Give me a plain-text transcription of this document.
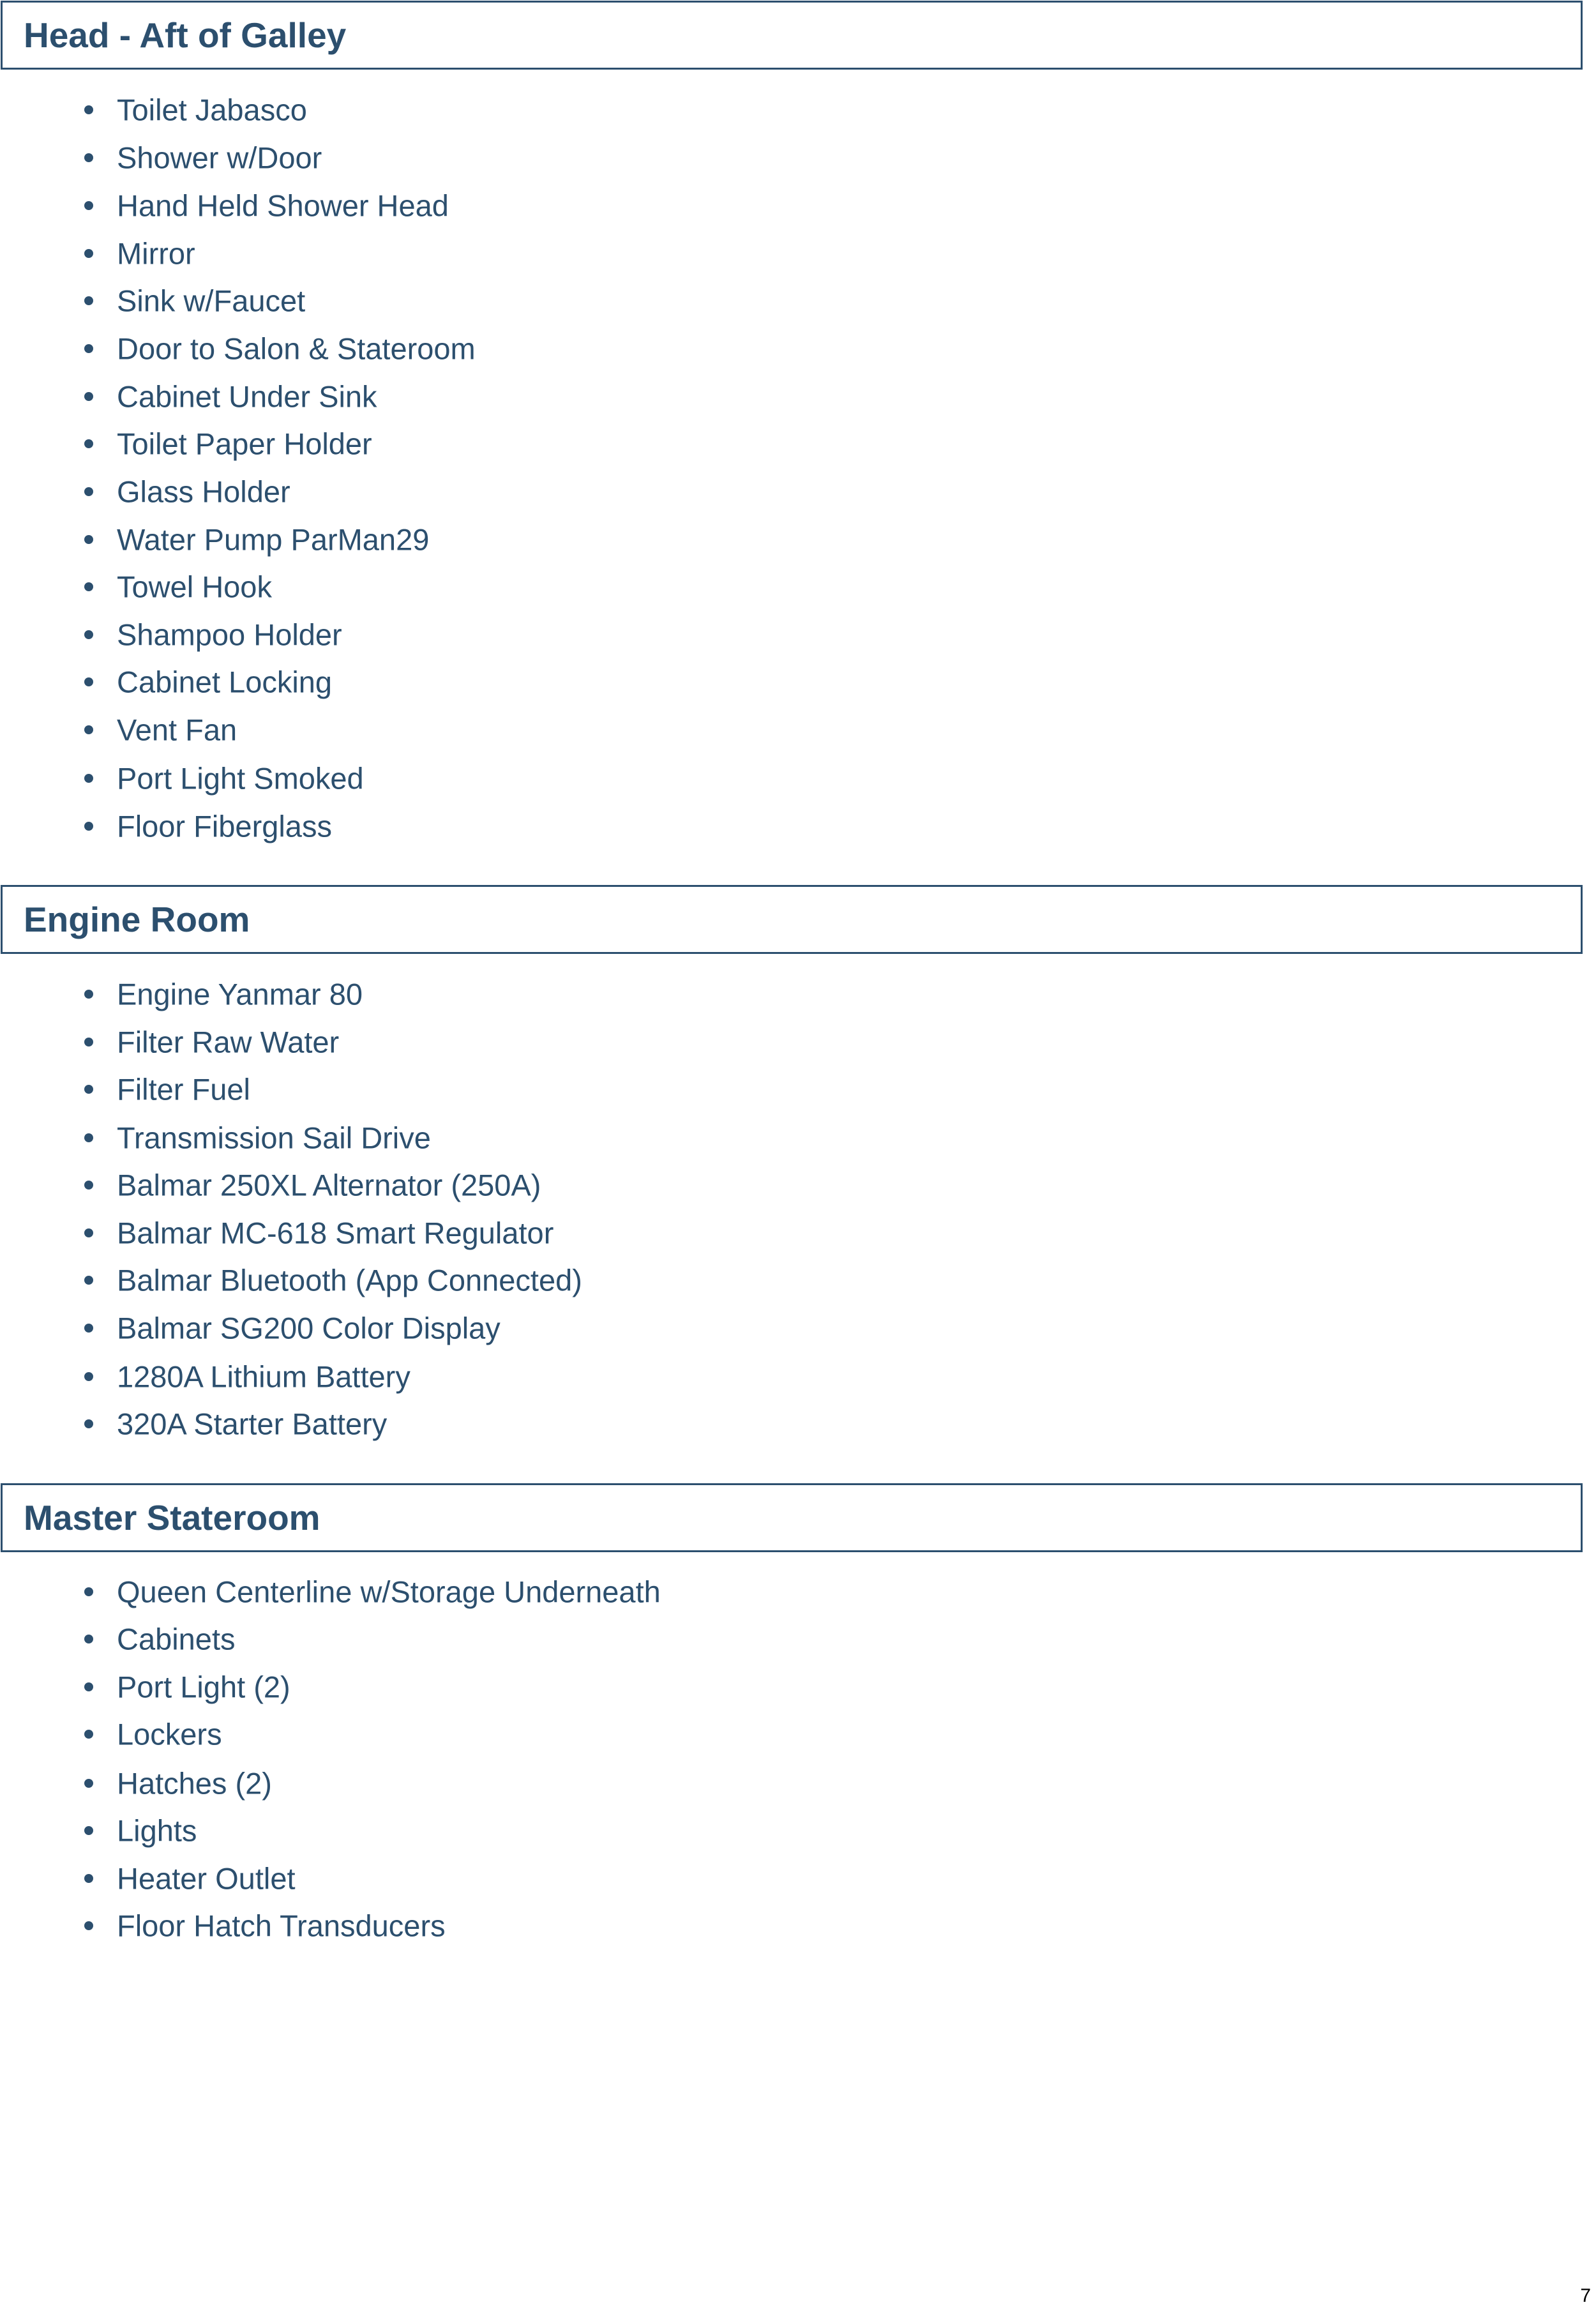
Head - Aft of Galley
Toilet Jabasco
Shower w/Door
Hand Held Shower Head
Mirror
Sink w/Faucet
Door to Salon & Stateroom
Cabinet Under Sink
Toilet Paper Holder
Glass Holder
Water Pump ParMan29
Towel Hook
Shampoo Holder
Cabinet Locking
Vent Fan
Port Light Smoked
Floor Fiberglass
Engine Room
Engine Yanmar 80
Filter Raw Water
Filter Fuel
Transmission Sail Drive
Balmar 250XL Alternator (250A)
Balmar MC-618 Smart Regulator
Balmar Bluetooth (App Connected)
Balmar SG200 Color Display
1280A Lithium Battery
320A Starter Battery
Master Stateroom
Queen Centerline w/Storage Underneath
Cabinets
Port Light (2)
Lockers
Hatches (2)
Lights
Heater Outlet
Floor Hatch Transducers
7
